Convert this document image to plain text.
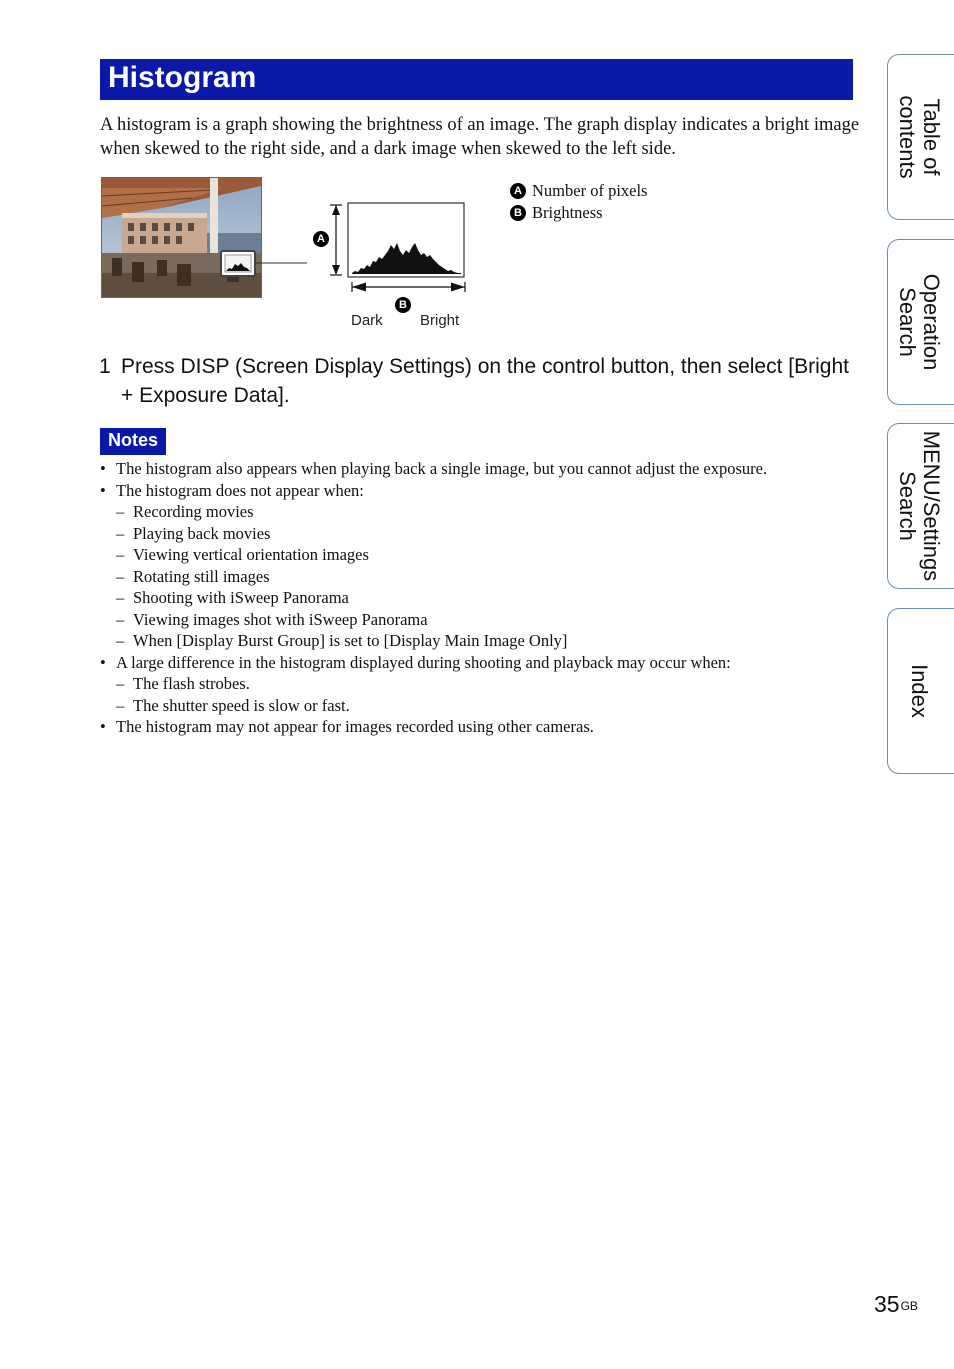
Histogram
A histogram is a graph showing the brightness of an image. The graph display indicates a bright image when skewed to the right side, and a dark image when skewed to the left side.
A
B
Dark Bright
A Number of pixels
B Brightness
1 Press DISP (Screen Display Settings) on the control button, then select [Bright + Exposure Data].
Notes
• The histogram also appears when playing back a single image, but you cannot adjust the exposure.
• The histogram does not appear when:
– Recording movies
– Playing back movies
– Viewing vertical orientation images
– Rotating still images
– Shooting with iSweep Panorama
– Viewing images shot with iSweep Panorama
– When [Display Burst Group] is set to [Display Main Image Only]
• A large difference in the histogram displayed during shooting and playback may occur when:
– The flash strobes.
– The shutter speed is slow or fast.
• The histogram may not appear for images recorded using other cameras.
Table of
contents
Operation
Search
MENU/Settings
Search
Index
$35^{GB}$
